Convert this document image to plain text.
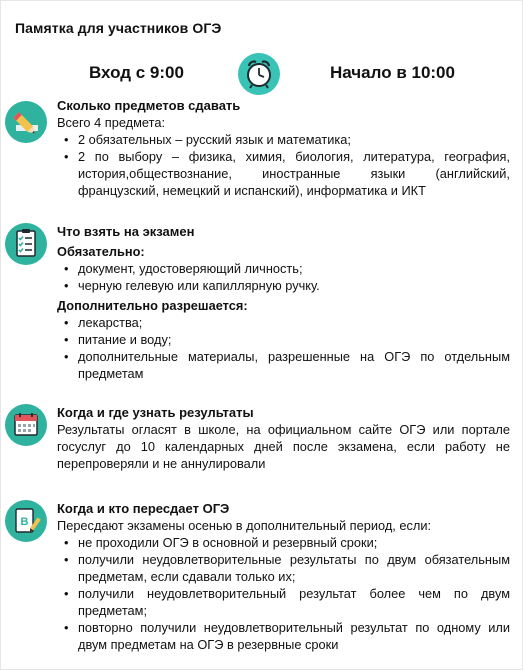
Памятка для участников ОГЭ
Вход с 9:00	Начало в 10:00
Сколько предметов сдавать

Всего 4 предмета:

• 2 обязательных – русский язык и математика;
• 2 по выбору – физика, химия, биология, литература, география, история,обществознание, иностранные языки (английский, французский, немецкий и испанский), информатика и ИКТ
Что взять на экзамен
Обязательно:
• документ, удостоверяющий личность;
• черную гелевую или капиллярную ручку.
Дополнительно разрешается:
• лекарства;
• питание и воду;
• дополнительные материалы, разрешенные на ОГЭ по отдельным предметам
Когда и где узнать результаты

Результаты огласят в школе, на официальном сайте ОГЭ или портале госуслуг до 10 календарных дней после экзамена, если работу не перепроверяли и не аннулировали

B
Когда и кто пересдает ОГЭ

Пересдают экзамены осенью в дополнительный период, если:

• не проходили ОГЭ в основной и резервный сроки;
• получили неудовлетворительные результаты по двум обязательным предметам, если сдавали только их;
• получили неудовлетворительный результат более чем по двум предметам;
• повторно получили неудовлетворительный результат по одному или двум предметам на ОГЭ в резервные сроки
